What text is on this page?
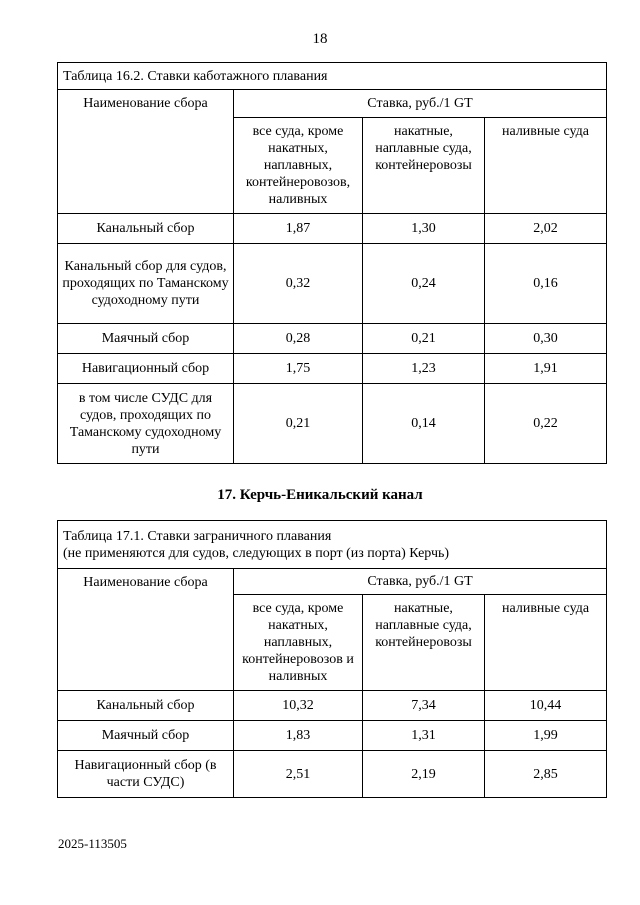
18
Таблица 16.2. Ставки каботажного плавания			
Наименование сбора	Ставка, руб./1 GT		
	все суда, кроме накатных, наплавных, контейнеровозов, наливных	накатные, наплавные суда, контейнеровозы	наливные суда
Канальный сбор	1,87	1,30	2,02
Канальный сбор для судов, проходящих по Таманскому судоходному пути	0,32	0,24	0,16
Маячный сбор	0,28	0,21	0,30
Навигационный сбор	1,75	1,23	1,91
в том числе СУДС для судов, проходящих по Таманскому судоходному пути	0,21	0,14	0,22
17. Керчь-Еникальский канал
Таблица 17.1. Ставки заграничного плавания
(не применяются для судов, следующих в порт (из порта) Керчь)			

Наименование сбора	Ставка, руб./1 GT		
	все суда, кроме накатных, наплавных, контейнеровозов и наливных	накатные, наплавные суда, контейнеровозы	наливные суда
Канальный сбор	10,32	7,34	10,44
Маячный сбор	1,83	1,31	1,99
Навигационный сбор (в части СУДС)	2,51	2,19	2,85
2025-113505
